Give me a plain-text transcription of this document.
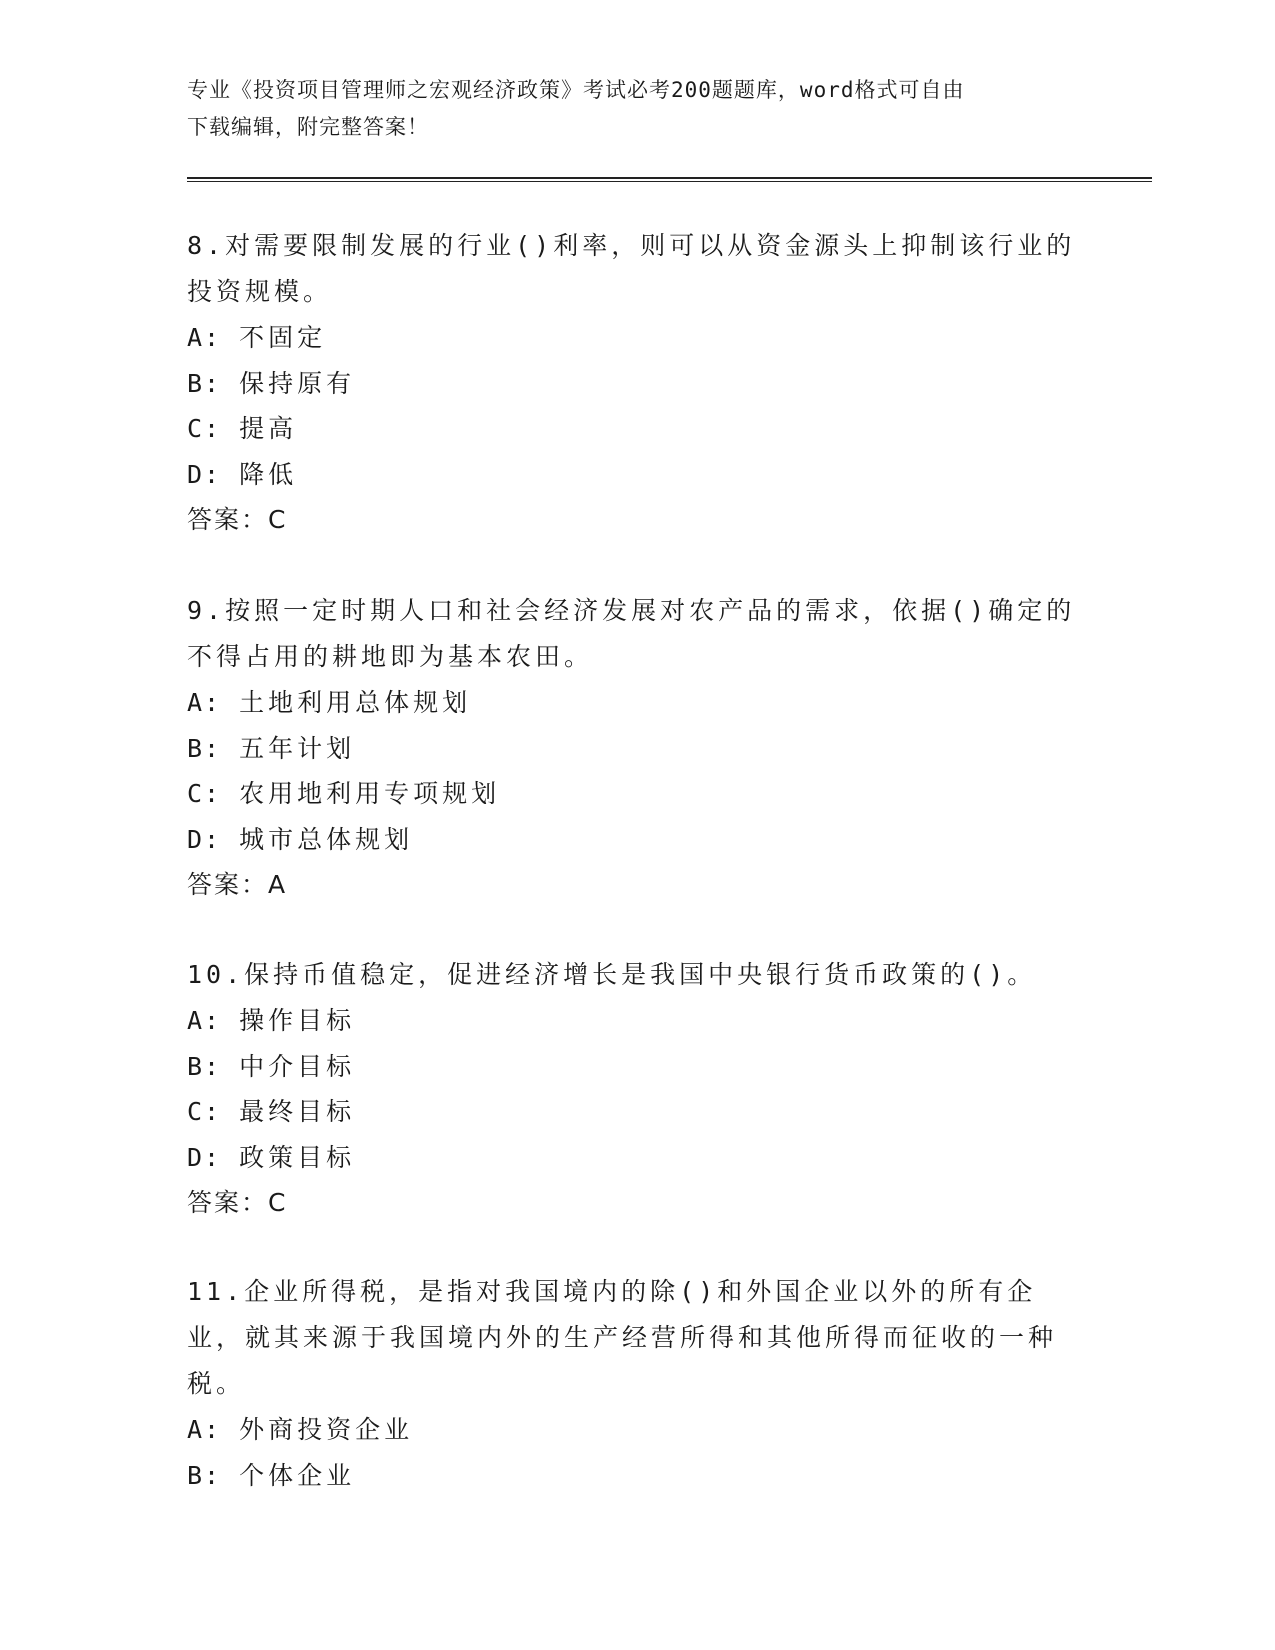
专业《投资项目管理师之宏观经济政策》考试必考200题题库，word格式可自由
下载编辑，附完整答案！

8.对需要限制发展的行业()利率，则可以从资金源头上抑制该行业的投资规模。

A: 不固定

B: 保持原有

C: 提高

D: 降低

答案：C

9.按照一定时期人口和社会经济发展对农产品的需求，依据()确定的不得占用的耕地即为基本农田。

A: 土地利用总体规划

B: 五年计划

C: 农用地利用专项规划

D: 城市总体规划

答案：A

10.保持币值稳定，促进经济增长是我国中央银行货币政策的()。

A: 操作目标

B: 中介目标

C: 最终目标

D: 政策目标

答案：C

11.企业所得税，是指对我国境内的除()和外国企业以外的所有企业，就其来源于我国境内外的生产经营所得和其他所得而征收的一种税。

A: 外商投资企业

B: 个体企业
